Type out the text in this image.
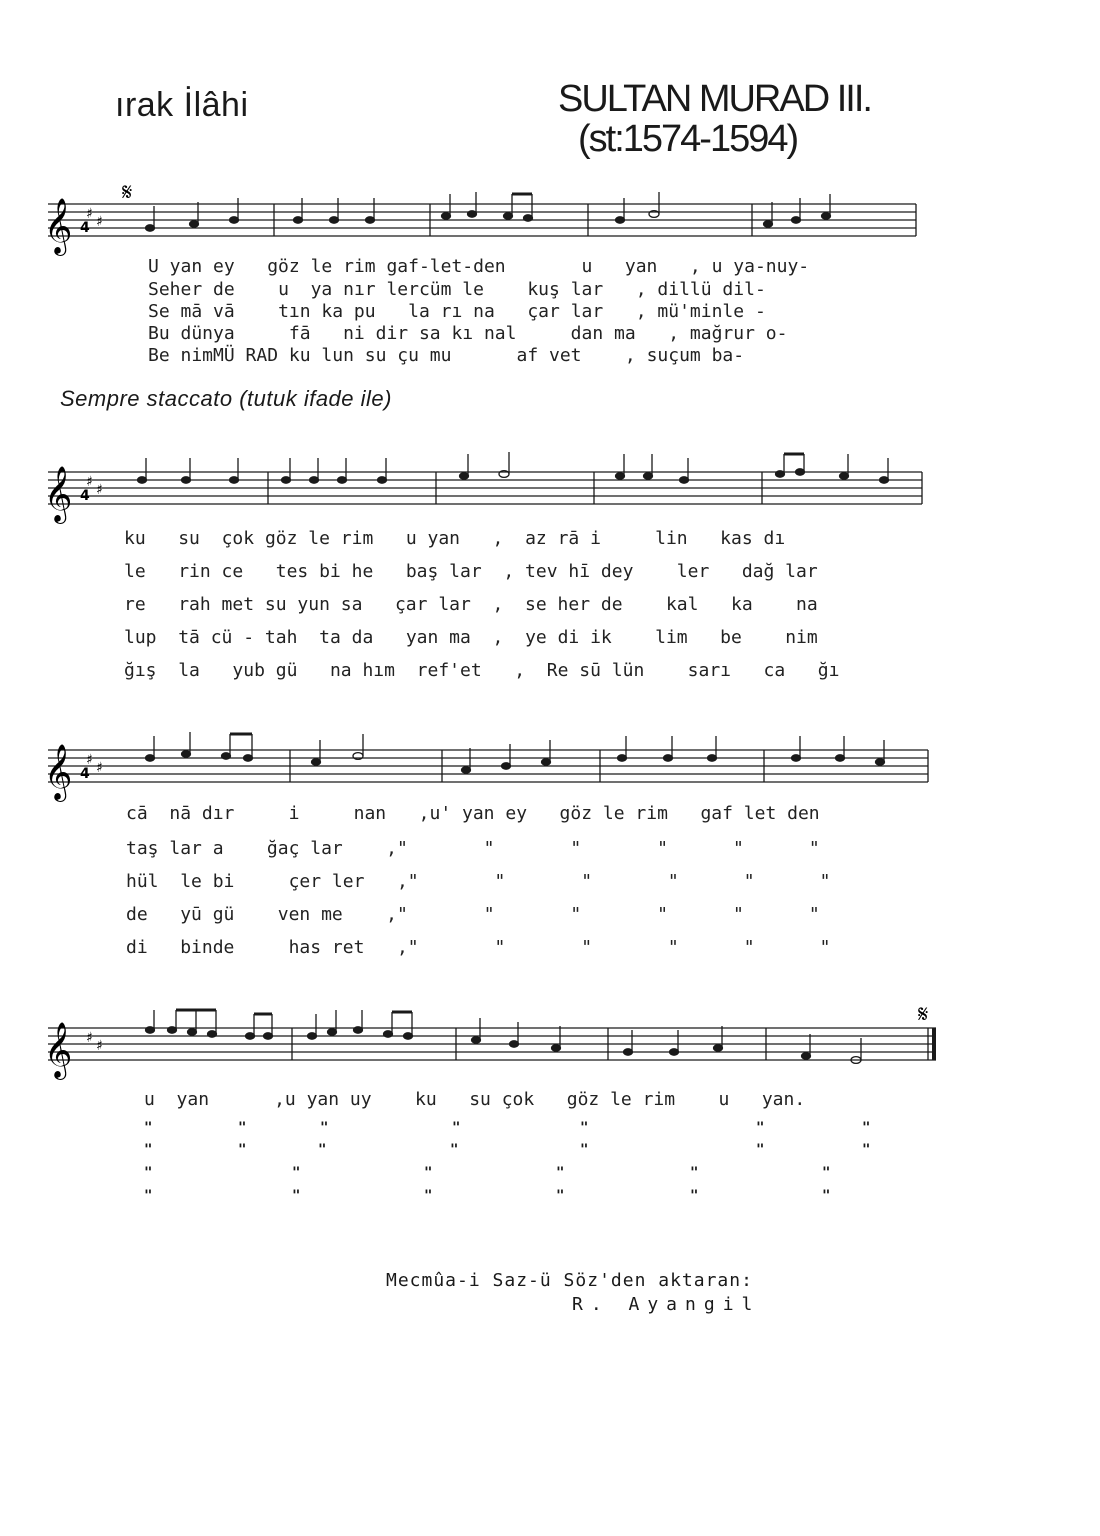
ırak İlâhi	SULTAN MURAD III.
(st:1574-1594)
𝄞 ♯ ♯
4
𝄋
U yan ey göz le rim gaf-let-den	u yan , u ya-nuy-
Seher de u ya nır lercüm le kuş lar , dillü dil-
Se mā vā tın ka pu la rı na çar lar , mü'minle -
Bu dünya	fā ni dir sa kı nal	dan ma , mağrur o-
Be nimMÜ RAD ku lun su çu mu	af vet , suçum ba-
Sempre staccato (tutuk ifade ile)
𝄞 ♯ ♯
4
ku su çok göz le rim u yan , az rā i	lin kas dı
le rin ce tes bi he baş lar , tev hī dey ler dağ lar
re rah met su yun sa çar lar , se her de kal ka na
lup tā cü - tah ta da yan ma , ye di ik lim be nim
ğış la yub gü na hım ref'et , Re sū lün sarı ca ğı
𝄞 ♯ ♯
4
cā nā dır	i	nan ,u' yan ey göz le rim gaf let den
taş lar a ğaç lar ,"	"	"	"	"	"
hül le bi	çer ler ,"	"	"	"	"	"
de yū gü ven me ,"	"	"	"	"	"
di binde	has ret ,"	"	"	"	"	"
𝄞 ♯ ♯
𝄋
u yan	,u yan uy ku su çok göz le rim u yan.
"	"	"	"	"	"	"
"	"	"	"	"	"	"
"	"	"	"	"	"
"	"	"	"	"	"
Mecmûa-i Saz-ü Söz'den aktaran:
R. Ayangil
